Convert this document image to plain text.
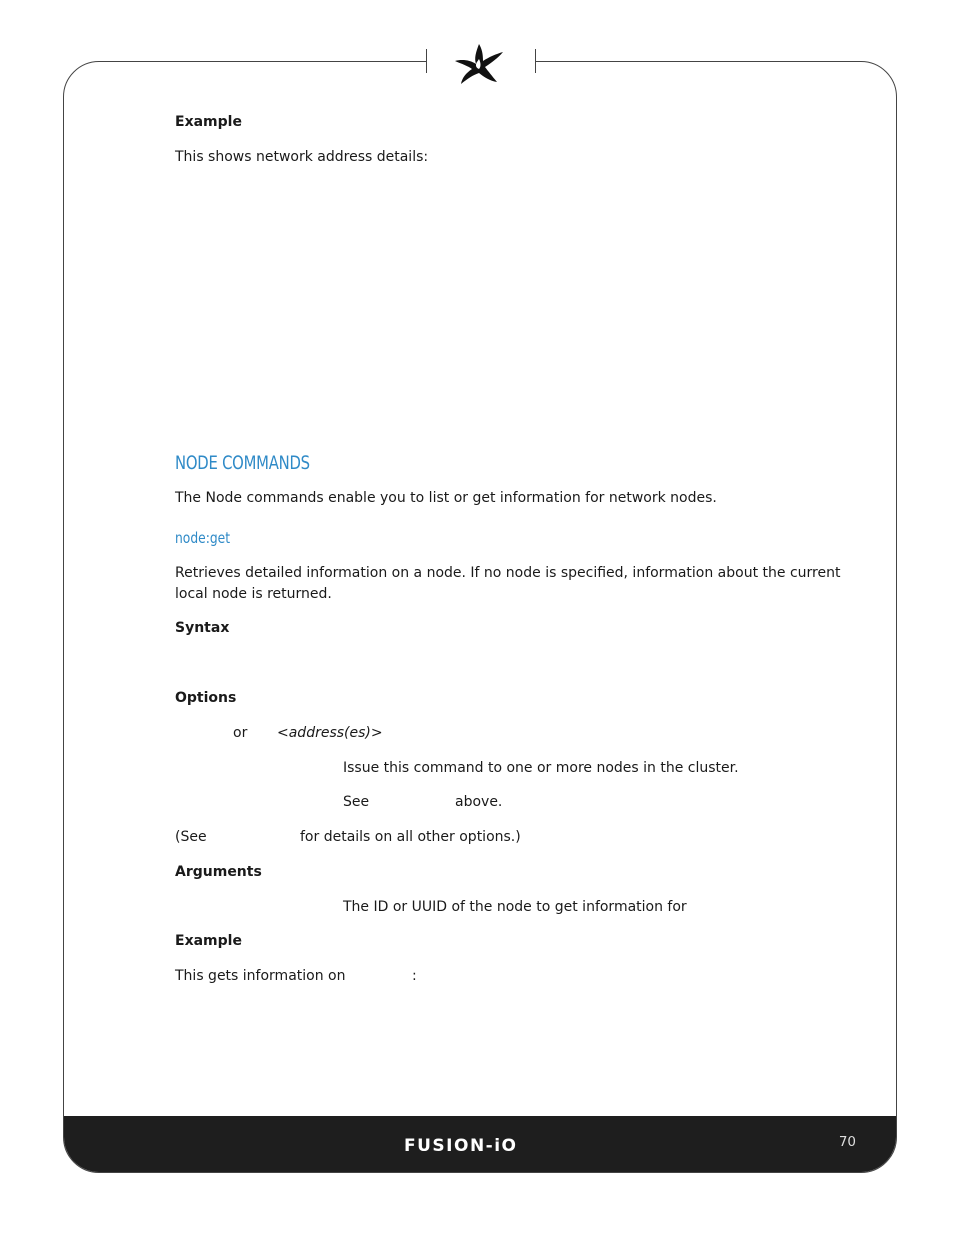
FUSION-iO	70
Example
This shows network address details:
NODE COMMANDS
The Node commands enable you to list or get information for network nodes.
node:get
Retrieves detailed information on a node. If no node is specified, information about the current
local node is returned.
Syntax
Options
or <address(es)>
Issue this command to one or more nodes in the cluster.
See	above.
(See	for details on all other options.)
Arguments
The ID or UUID of the node to get information for
Example
This gets information on	:
